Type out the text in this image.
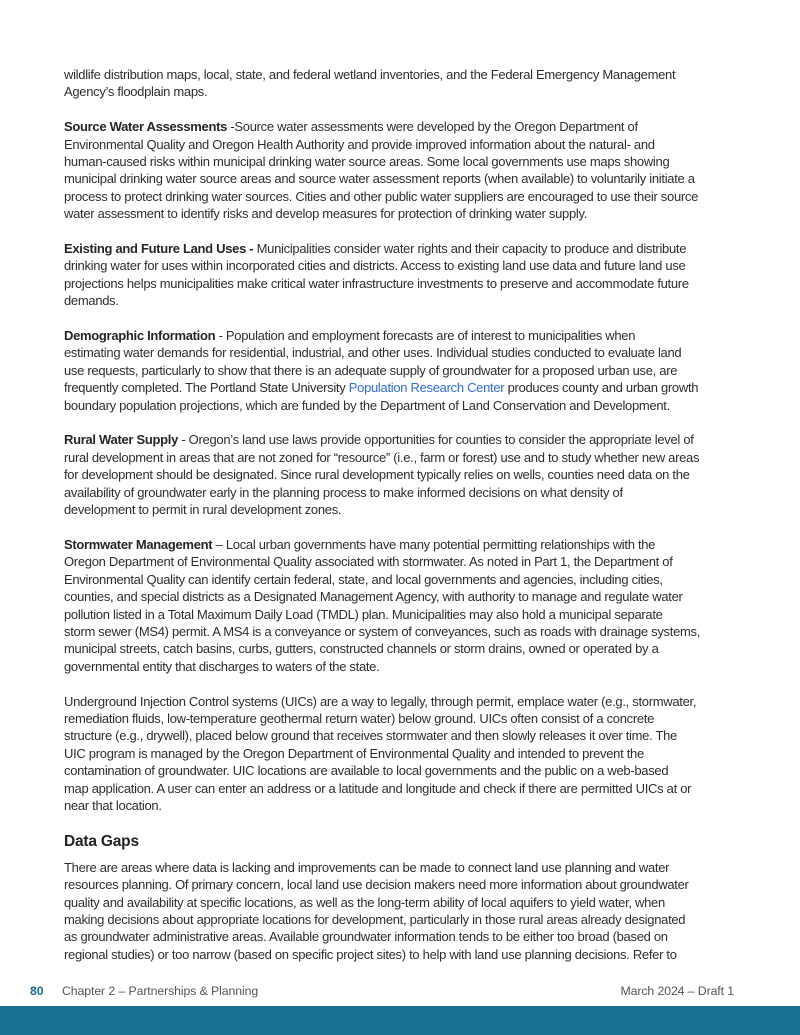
wildlife distribution maps, local, state, and federal wetland inventories, and the Federal Emergency Management
Agency’s floodplain maps.
Source Water Assessments -Source water assessments were developed by the Oregon Department of
Environmental Quality and Oregon Health Authority and provide improved information about the natural- and
human-caused risks within municipal drinking water source areas. Some local governments use maps showing
municipal drinking water source areas and source water assessment reports (when available) to voluntarily initiate a
process to protect drinking water sources. Cities and other public water suppliers are encouraged to use their source
water assessment to identify risks and develop measures for protection of drinking water supply.
Existing and Future Land Uses - Municipalities consider water rights and their capacity to produce and distribute
drinking water for uses within incorporated cities and districts. Access to existing land use data and future land use
projections helps municipalities make critical water infrastructure investments to preserve and accommodate future
demands.
Demographic Information - Population and employment forecasts are of interest to municipalities when
estimating water demands for residential, industrial, and other uses. Individual studies conducted to evaluate land
use requests, particularly to show that there is an adequate supply of groundwater for a proposed urban use, are
frequently completed. The Portland State University Population Research Center produces county and urban growth
boundary population projections, which are funded by the Department of Land Conservation and Development.
Rural Water Supply - Oregon’s land use laws provide opportunities for counties to consider the appropriate level of
rural development in areas that are not zoned for “resource” (i.e., farm or forest) use and to study whether new areas
for development should be designated. Since rural development typically relies on wells, counties need data on the
availability of groundwater early in the planning process to make informed decisions on what density of
development to permit in rural development zones.
Stormwater Management – Local urban governments have many potential permitting relationships with the
Oregon Department of Environmental Quality associated with stormwater. As noted in Part 1, the Department of
Environmental Quality can identify certain federal, state, and local governments and agencies, including cities,
counties, and special districts as a Designated Management Agency, with authority to manage and regulate water
pollution listed in a Total Maximum Daily Load (TMDL) plan. Municipalities may also hold a municipal separate
storm sewer (MS4) permit. A MS4 is a conveyance or system of conveyances, such as roads with drainage systems,
municipal streets, catch basins, curbs, gutters, constructed channels or storm drains, owned or operated by a
governmental entity that discharges to waters of the state.
Underground Injection Control systems (UICs) are a way to legally, through permit, emplace water (e.g., stormwater,
remediation fluids, low-temperature geothermal return water) below ground. UICs often consist of a concrete
structure (e.g., drywell), placed below ground that receives stormwater and then slowly releases it over time. The
UIC program is managed by the Oregon Department of Environmental Quality and intended to prevent the
contamination of groundwater. UIC locations are available to local governments and the public on a web-based
map application. A user can enter an address or a latitude and longitude and check if there are permitted UICs at or
near that location.
Data Gaps
There are areas where data is lacking and improvements can be made to connect land use planning and water
resources planning. Of primary concern, local land use decision makers need more information about groundwater
quality and availability at specific locations, as well as the long-term ability of local aquifers to yield water, when
making decisions about appropriate locations for development, particularly in those rural areas already designated
as groundwater administrative areas. Available groundwater information tends to be either too broad (based on
regional studies) or too narrow (based on specific project sites) to help with land use planning decisions. Refer to
80 Chapter 2 – Partnerships & Planning	March 2024 – Draft 1
